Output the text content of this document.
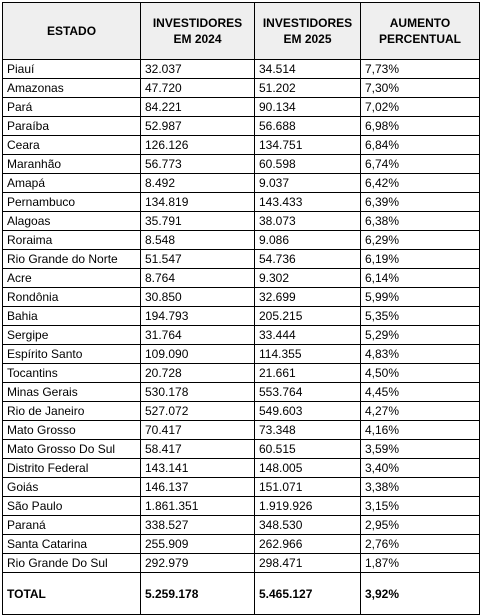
ESTADO	INVESTIDORES EM 2024	INVESTIDORES EM 2025	AUMENTO PERCENTUAL
Piauí	32.037	34.514	7,73%
Amazonas	47.720	51.202	7,30%
Pará	84.221	90.134	7,02%
Paraíba	52.987	56.688	6,98%
Ceara	126.126	134.751	6,84%
Maranhão	56.773	60.598	6,74%
Amapá	8.492	9.037	6,42%
Pernambuco	134.819	143.433	6,39%
Alagoas	35.791	38.073	6,38%
Roraima	8.548	9.086	6,29%
Rio Grande do Norte	51.547	54.736	6,19%
Acre	8.764	9.302	6,14%
Rondônia	30.850	32.699	5,99%
Bahia	194.793	205.215	5,35%
Sergipe	31.764	33.444	5,29%
Espírito Santo	109.090	114.355	4,83%
Tocantins	20.728	21.661	4,50%
Minas Gerais	530.178	553.764	4,45%
Rio de Janeiro	527.072	549.603	4,27%
Mato Grosso	70.417	73.348	4,16%
Mato Grosso Do Sul	58.417	60.515	3,59%
Distrito Federal	143.141	148.005	3,40%
Goiás	146.137	151.071	3,38%
São Paulo	1.861.351	1.919.926	3,15%
Paraná	338.527	348.530	2,95%
Santa Catarina	255.909	262.966	2,76%
Rio Grande Do Sul	292.979	298.471	1,87%
TOTAL	5.259.178	5.465.127	3,92%
